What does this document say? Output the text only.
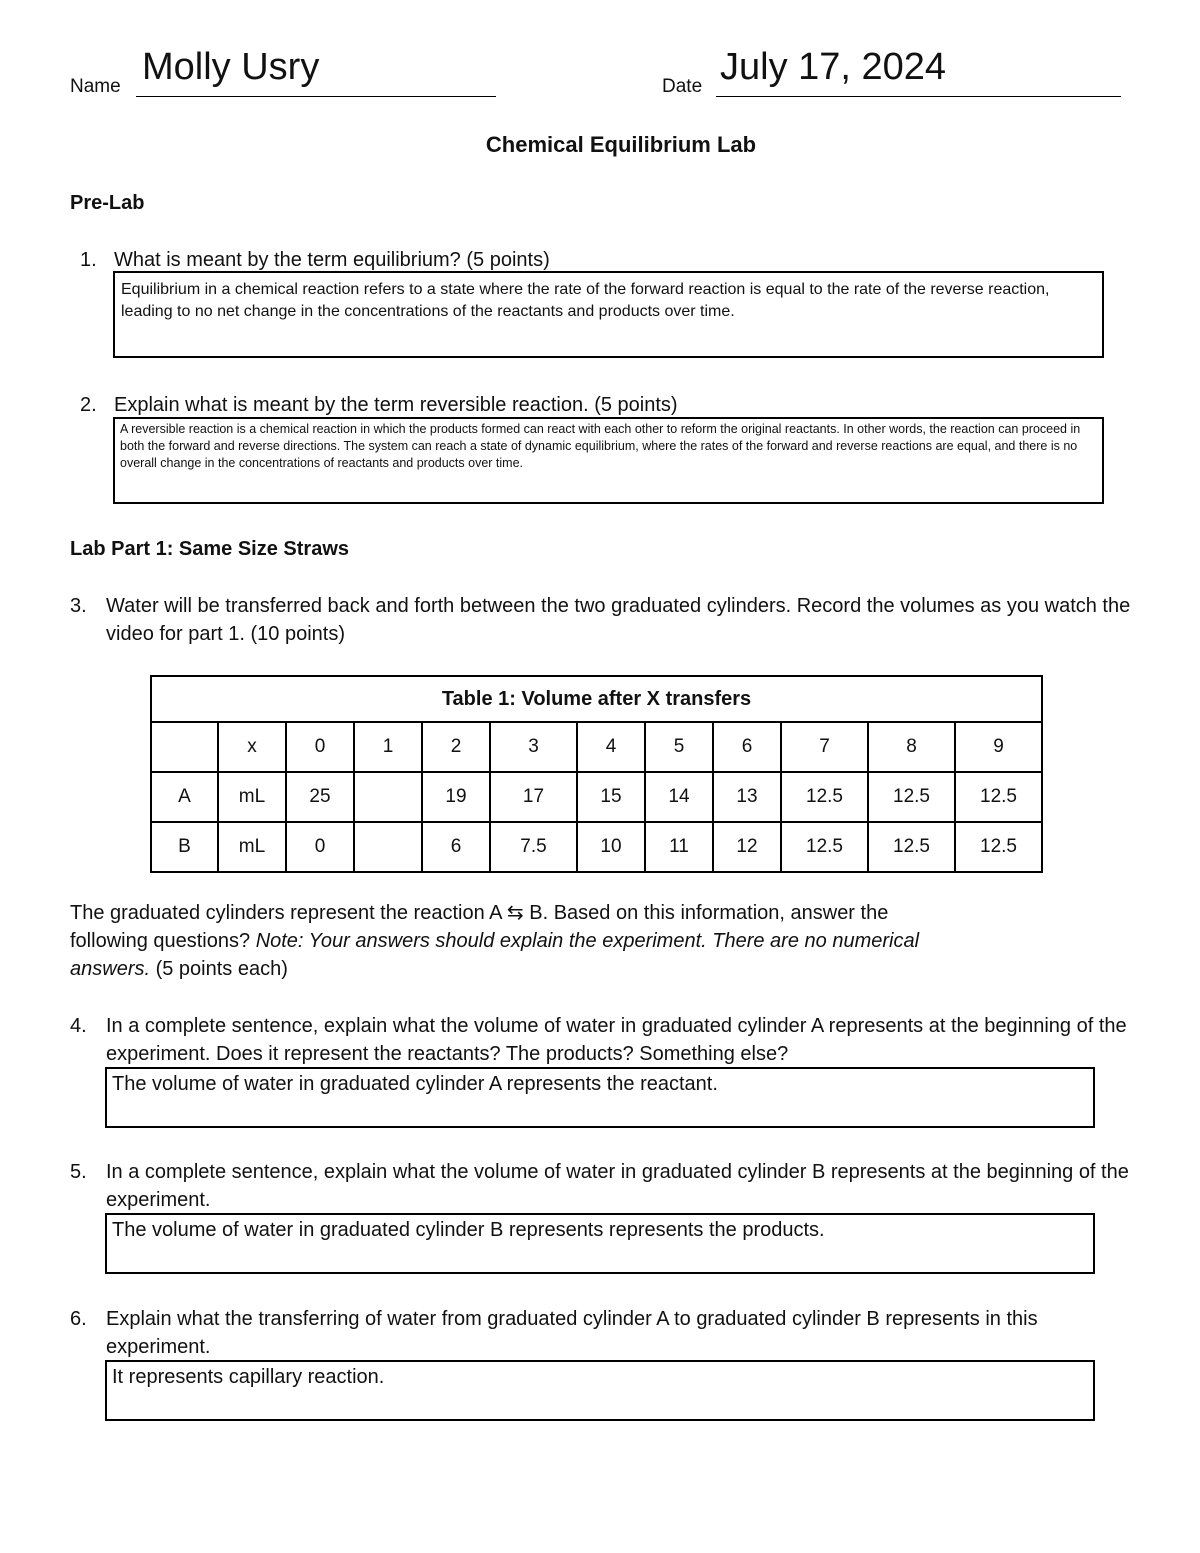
Name Molly Usry	Date July 17, 2024
Chemical Equilibrium Lab
Pre-Lab
1. What is meant by the term equilibrium? (5 points)
Equilibrium in a chemical reaction refers to a state where the rate of the forward reaction is equal to the rate of the reverse reaction, leading to no net change in the concentrations of the reactants and products over time.
2. Explain what is meant by the term reversible reaction. (5 points)
A reversible reaction is a chemical reaction in which the products formed can react with each other to reform the original reactants. In other words, the reaction can proceed in both the forward and reverse directions. The system can reach a state of dynamic equilibrium, where the rates of the forward and reverse reactions are equal, and there is no overall change in the concentrations of reactants and products over time.
Lab Part 1: Same Size Straws
3. Water will be transferred back and forth between the two graduated cylinders. Record the volumes as you watch the video for part 1. (10 points)
Table 1: Volume after X transfers											
	x	0	1	2	3	4	5	6	7	8	9
A	mL	25		19	17	15	14	13	12.5	12.5	12.5
B	mL	0		6	7.5	10	11	12	12.5	12.5	12.5
The graduated cylinders represent the reaction A ⇆ B. Based on this information, answer the
following questions? Note: Your answers should explain the experiment. There are no numerical
answers. (5 points each)
4. In a complete sentence, explain what the volume of water in graduated cylinder A represents at the beginning of the experiment. Does it represent the reactants? The products? Something else?
The volume of water in graduated cylinder A represents the reactant.
5. In a complete sentence, explain what the volume of water in graduated cylinder B represents at the beginning of the experiment.
The volume of water in graduated cylinder B represents represents the products.
6. Explain what the transferring of water from graduated cylinder A to graduated cylinder B represents in this experiment.
It represents capillary reaction.
